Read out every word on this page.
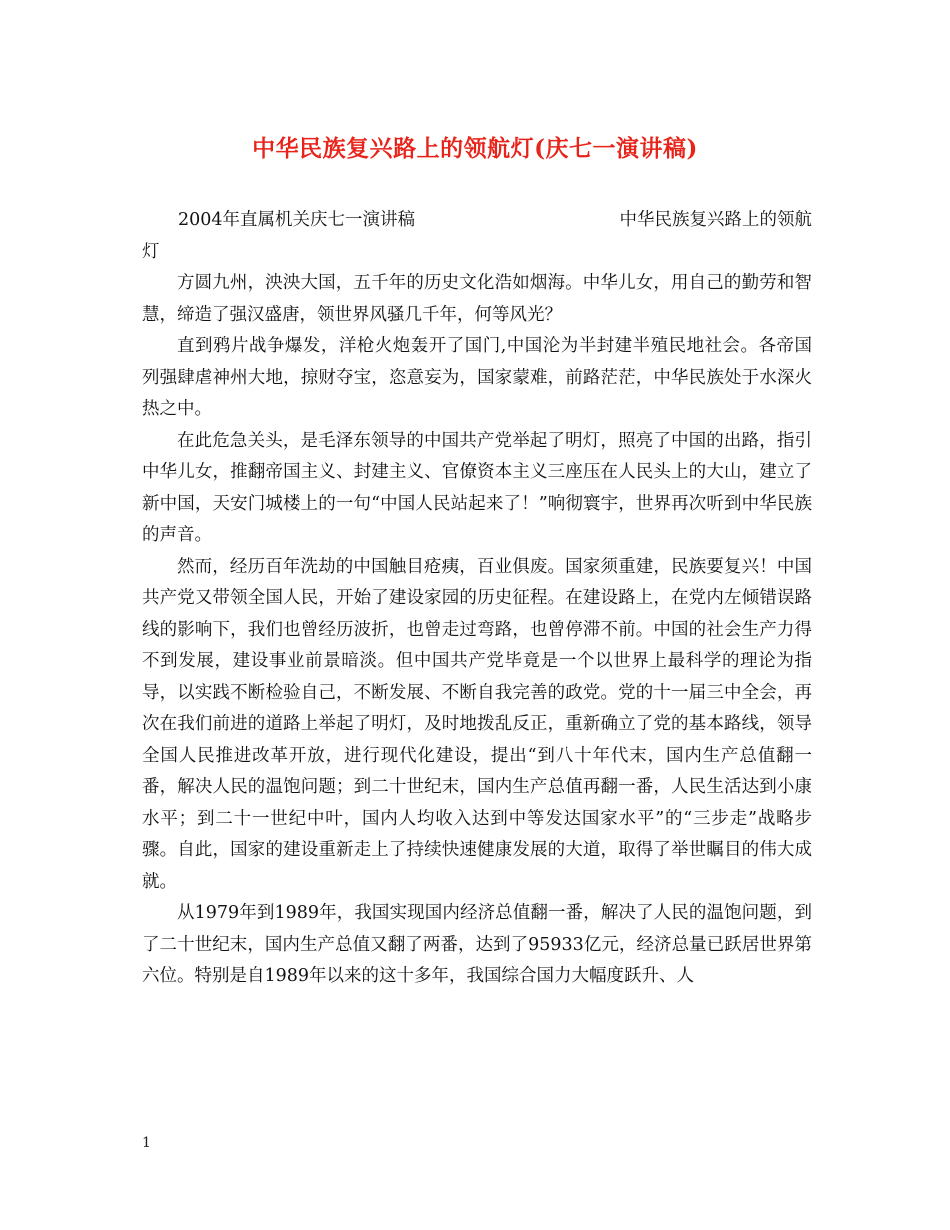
中华民族复兴路上的领航灯(庆七一演讲稿)
2004年直属机关庆七一演讲稿	中华民族复兴路上的领航
灯

方圆九州，泱泱大国，五千年的历史文化浩如烟海。中华儿女，用自己的勤劳和智慧，缔造了强汉盛唐，领世界风骚几千年，何等风光？

直到鸦片战争爆发，洋枪火炮轰开了国门,中国沦为半封建半殖民地社会。各帝国列强肆虐神州大地，掠财夺宝，恣意妄为，国家蒙难，前路茫茫，中华民族处于水深火热之中。

在此危急关头，是毛泽东领导的中国共产党举起了明灯，照亮了中国的出路，指引中华儿女，推翻帝国主义、封建主义、官僚资本主义三座压在人民头上的大山，建立了新中国，天安门城楼上的一句“中国人民站起来了！”响彻寰宇，世界再次听到中华民族的声音。

然而，经历百年洗劫的中国触目疮痍，百业俱废。国家须重建，民族要复兴！中国共产党又带领全国人民，开始了建设家园的历史征程。在建设路上，在党内左倾错误路线的影响下，我们也曾经历波折，也曾走过弯路，也曾停滞不前。中国的社会生产力得不到发展，建设事业前景暗淡。但中国共产党毕竟是一个以世界上最科学的理论为指导，以实践不断检验自己，不断发展、不断自我完善的政党。党的十一届三中全会，再次在我们前进的道路上举起了明灯，及时地拨乱反正，重新确立了党的基本路线，领导全国人民推进改革开放，进行现代化建设，提出“到八十年代末，国内生产总值翻一番，解决人民的温饱问题；到二十世纪末，国内生产总值再翻一番，人民生活达到小康水平；到二十一世纪中叶，国内人均收入达到中等发达国家水平”的“三步走”战略步骤。自此，国家的建设重新走上了持续快速健康发展的大道，取得了举世瞩目的伟大成就。

从1979年到1989年，我国实现国内经济总值翻一番，解决了人民的温饱问题，到了二十世纪末，国内生产总值又翻了两番，达到了95933亿元，经济总量已跃居世界第六位。特别是自1989年以来的这十多年，我国综合国力大幅度跃升、人

1
